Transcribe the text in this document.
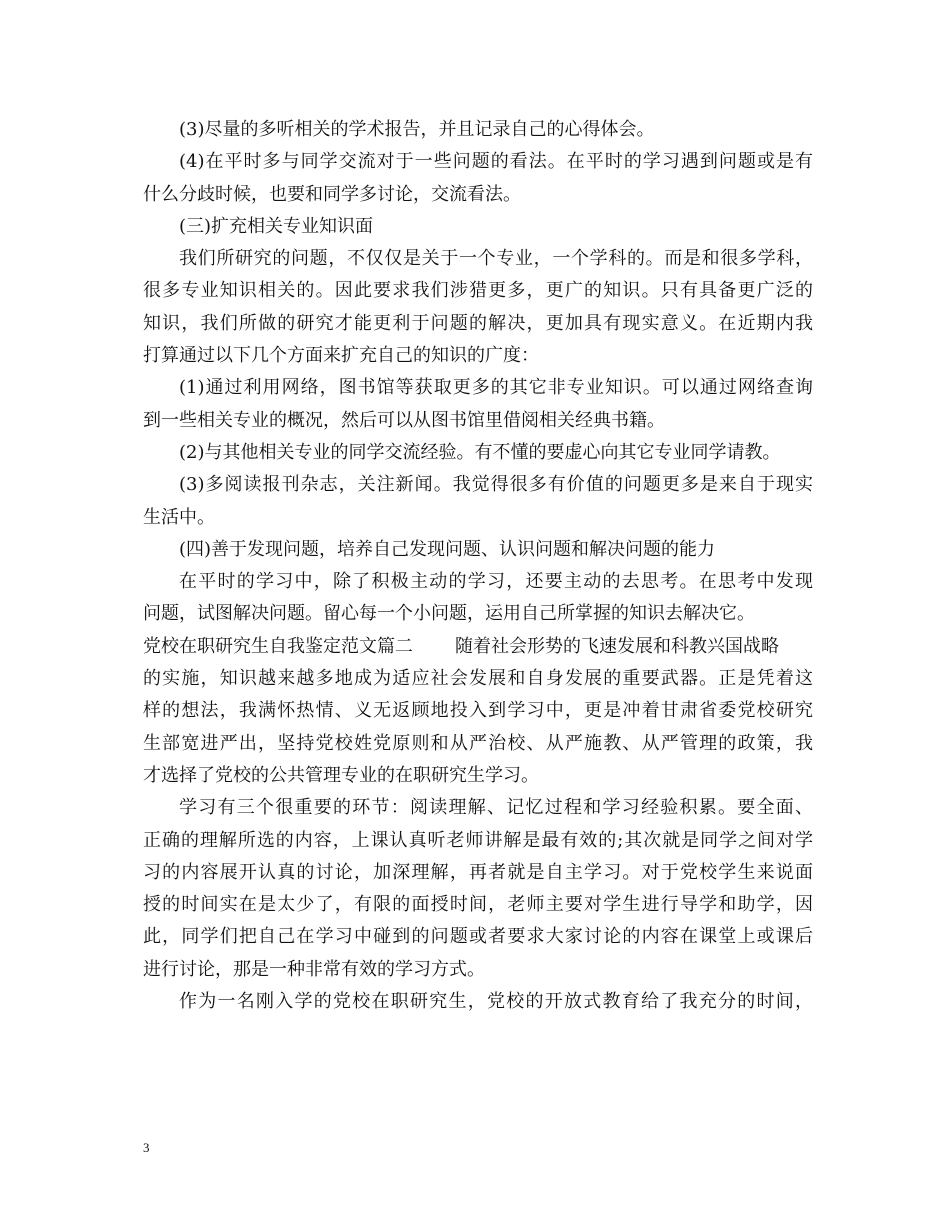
(3)尽量的多听相关的学术报告，并且记录自己的心得体会。
(4)在平时多与同学交流对于一些问题的看法。在平时的学习遇到问题或是有
什么分歧时候，也要和同学多讨论，交流看法。
(三)扩充相关专业知识面
我们所研究的问题，不仅仅是关于一个专业，一个学科的。而是和很多学科，
很多专业知识相关的。因此要求我们涉猎更多，更广的知识。只有具备更广泛的
知识，我们所做的研究才能更利于问题的解决，更加具有现实意义。在近期内我
打算通过以下几个方面来扩充自己的知识的广度：
(1)通过利用网络，图书馆等获取更多的其它非专业知识。可以通过网络查询
到一些相关专业的概况，然后可以从图书馆里借阅相关经典书籍。
(2)与其他相关专业的同学交流经验。有不懂的要虚心向其它专业同学请教。
(3)多阅读报刊杂志，关注新闻。我觉得很多有价值的问题更多是来自于现实
生活中。
(四)善于发现问题，培养自己发现问题、认识问题和解决问题的能力
在平时的学习中，除了积极主动的学习，还要主动的去思考。在思考中发现
问题，试图解决问题。留心每一个小问题，运用自己所掌握的知识去解决它。
党校在职研究生自我鉴定范文篇二 随着社会形势的飞速发展和科教兴国战略
的实施，知识越来越多地成为适应社会发展和自身发展的重要武器。正是凭着这
样的想法，我满怀热情、义无返顾地投入到学习中，更是冲着甘肃省委党校研究
生部宽进严出，坚持党校姓党原则和从严治校、从严施教、从严管理的政策，我
才选择了党校的公共管理专业的在职研究生学习。
学习有三个很重要的环节：阅读理解、记忆过程和学习经验积累。要全面、
正确的理解所选的内容，上课认真听老师讲解是最有效的;其次就是同学之间对学
习的内容展开认真的讨论，加深理解，再者就是自主学习。对于党校学生来说面
授的时间实在是太少了，有限的面授时间，老师主要对学生进行导学和助学，因
此，同学们把自己在学习中碰到的问题或者要求大家讨论的内容在课堂上或课后
进行讨论，那是一种非常有效的学习方式。
作为一名刚入学的党校在职研究生，党校的开放式教育给了我充分的时间，
3
